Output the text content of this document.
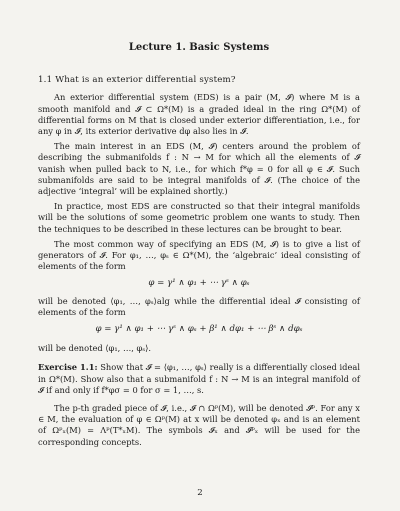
Lecture 1. Basic Systems
1.1 What is an exterior differential system?

An exterior differential system (EDS) is a pair (M, 𝓘) where M is a smooth manifold and 𝓘 ⊂ Ω*(M) is a graded ideal in the ring Ω*(M) of differential forms on M that is closed under exterior differentiation, i.e., for any φ in 𝓘, its exterior derivative dφ also lies in 𝓘.

The main interest in an EDS (M, 𝓘) centers around the problem of describing the submanifolds f : N → M for which all the elements of 𝓘 vanish when pulled back to N, i.e., for which f*φ = 0 for all φ ∈ 𝓘. Such submanifolds are said to be integral manifolds of 𝓘. (The choice of the adjective ‘integral’ will be explained shortly.)

In practice, most EDS are constructed so that their integral manifolds will be the solutions of some geometric problem one wants to study. Then the techniques to be described in these lectures can be brought to bear.

The most common way of specifying an EDS (M, 𝓘) is to give a list of generators of 𝓘. For φ₁, …, φₛ ∈ Ω*(M), the ‘algebraic’ ideal consisting of elements of the form

φ = γ¹ ∧ φ₁ + ⋯ γˢ ∧ φₛ

will be denoted ⟨φ₁, …, φₛ⟩alg while the differential ideal 𝓘 consisting of elements of the form

φ = γ¹ ∧ φ₁ + ⋯ γˢ ∧ φₛ + β¹ ∧ dφ₁ + ⋯ βˢ ∧ dφₛ

will be denoted ⟨φ₁, …, φₛ⟩.

Exercise 1.1: Show that 𝓘 = ⟨φ₁, …, φₛ⟩ really is a differentially closed ideal in Ω*(M). Show also that a submanifold f : N → M is an integral manifold of 𝓘 if and only if f*φσ = 0 for σ = 1, …, s.

The p-th graded piece of 𝓘, i.e., 𝓘 ∩ Ωᵖ(M), will be denoted 𝓘ᵖ. For any x ∈ M, the evaluation of φ ∈ Ωᵖ(M) at x will be denoted φₓ and is an element of Ωᵖₓ(M) = Λᵖ(T*ₓM). The symbols 𝓘ₓ and 𝓘ᵖₓ will be used for the corresponding concepts.

2
